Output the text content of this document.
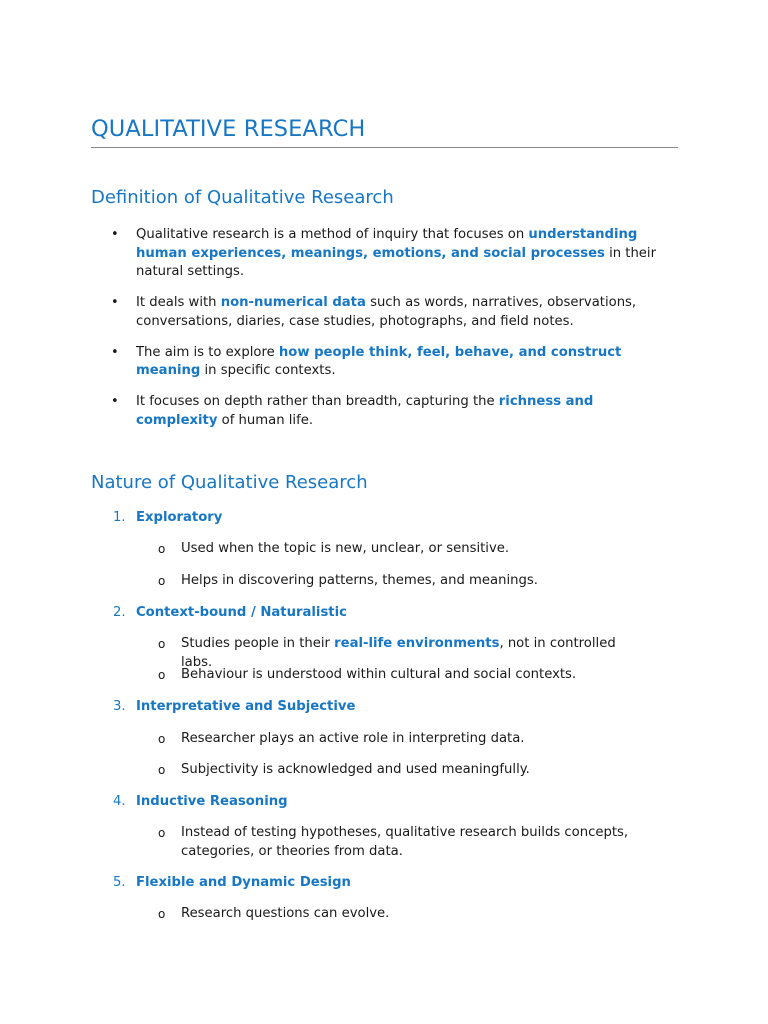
QUALITATIVE RESEARCH
Definition of Qualitative Research
• Qualitative research is a method of inquiry that focuses on understanding human experiences, meanings, emotions, and social processes in their natural settings.
• It deals with non-numerical data such as words, narratives, observations, conversations, diaries, case studies, photographs, and field notes.
• The aim is to explore how people think, feel, behave, and construct meaning in specific contexts.
• It focuses on depth rather than breadth, capturing the richness and complexity of human life.
Nature of Qualitative Research
1. Exploratory
o Used when the topic is new, unclear, or sensitive.
o Helps in discovering patterns, themes, and meanings.
2. Context-bound / Naturalistic
o Studies people in their real-life environments, not in controlled labs.
o Behaviour is understood within cultural and social contexts.
3. Interpretative and Subjective
o Researcher plays an active role in interpreting data.
o Subjectivity is acknowledged and used meaningfully.
4. Inductive Reasoning
o Instead of testing hypotheses, qualitative research builds concepts, categories, or theories from data.
5. Flexible and Dynamic Design
o Research questions can evolve.
